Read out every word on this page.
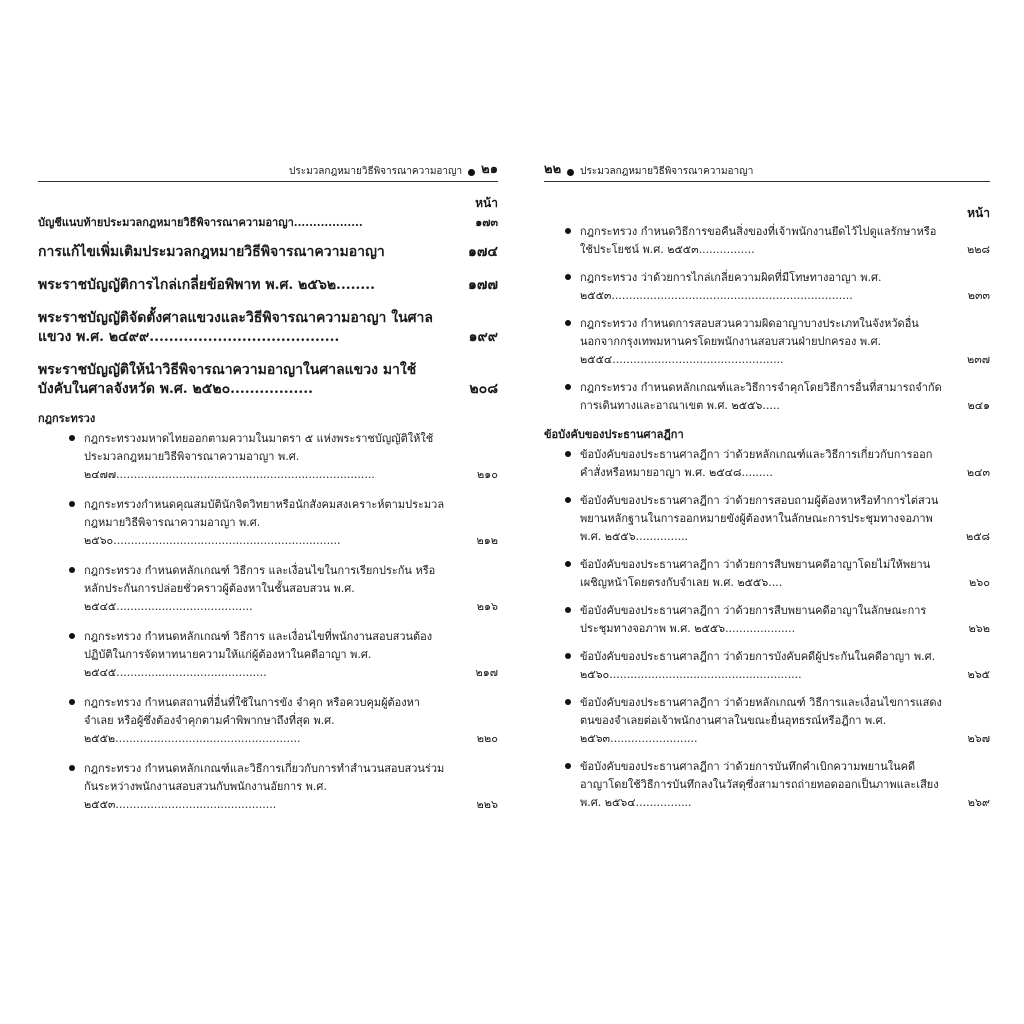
ประมวลกฎหมายวิธีพิจารณาความอาญา ๒๑
หน้า
บัญชีแนบท้ายประมวลกฎหมายวิธีพิจารณาความอาญา..................	๑๗๓
การแก้ไขเพิ่มเติมประมวลกฎหมายวิธีพิจารณาความอาญา	๑๗๔
พระราชบัญญัติการไกล่เกลี่ยข้อพิพาท พ.ศ. ๒๕๖๒........	๑๗๗
พระราชบัญญัติจัดตั้งศาลแขวงและวิธีพิจารณาความอาญา ในศาลแขวง พ.ศ. ๒๔๙๙.......................................	๑๙๙
พระราชบัญญัติให้นำวิธีพิจารณาความอาญาในศาลแขวง มาใช้บังคับในศาลจังหวัด พ.ศ. ๒๕๒๐.................	๒๐๘
กฎกระทรวง
กฎกระทรวงมหาดไทยออกตามความในมาตรา ๕ แห่งพระราชบัญญัติให้ใช้ประมวลกฎหมายวิธีพิจารณาความอาญา พ.ศ. ๒๔๗๗..........................................................................	๒๑๐
กฎกระทรวงกำหนดคุณสมบัตินักจิตวิทยาหรือนักสังคมสงเคราะห์ตามประมวลกฎหมายวิธีพิจารณาความอาญา พ.ศ. ๒๕๖๐.................................................................	๒๑๒
กฎกระทรวง กำหนดหลักเกณฑ์ วิธีการ และเงื่อนไขในการเรียกประกัน หรือหลักประกันการปล่อยชั่วคราวผู้ต้องหาในชั้นสอบสวน พ.ศ. ๒๕๔๕.......................................	๒๑๖
กฎกระทรวง กำหนดหลักเกณฑ์ วิธีการ และเงื่อนไขที่พนักงานสอบสวนต้องปฏิบัติในการจัดหาทนายความให้แก่ผู้ต้องหาในคดีอาญา พ.ศ. ๒๕๔๕...........................................	๒๑๗
กฎกระทรวง กำหนดสถานที่อื่นที่ใช้ในการขัง จำคุก หรือควบคุมผู้ต้องหา จำเลย หรือผู้ซึ่งต้องจำคุกตามคำพิพากษาถึงที่สุด พ.ศ. ๒๕๕๒.....................................................	๒๒๐
กฎกระทรวง กำหนดหลักเกณฑ์และวิธีการเกี่ยวกับการทำสำนวนสอบสวนร่วมกันระหว่างพนักงานสอบสวนกับพนักงานอัยการ พ.ศ. ๒๕๕๓..............................................	๒๒๖
๒๒ ประมวลกฎหมายวิธีพิจารณาความอาญา
หน้า
กฎกระทรวง กำหนดวิธีการขอคืนสิ่งของที่เจ้าพนักงานยึดไว้ไปดูแลรักษาหรือใช้ประโยชน์ พ.ศ. ๒๕๕๓................	๒๒๘
กฎกระทรวง ว่าด้วยการไกล่เกลี่ยความผิดที่มีโทษทางอาญา พ.ศ. ๒๕๕๓.....................................................................	๒๓๓
กฎกระทรวง กำหนดการสอบสวนความผิดอาญาบางประเภทในจังหวัดอื่นนอกจากกรุงเทพมหานครโดยพนักงานสอบสวนฝ่ายปกครอง พ.ศ. ๒๕๕๔.................................................	๒๓๗
กฎกระทรวง กำหนดหลักเกณฑ์และวิธีการจำคุกโดยวิธีการอื่นที่สามารถจำกัดการเดินทางและอาณาเขต พ.ศ. ๒๕๕๖.....	๒๔๑
ข้อบังคับของประธานศาลฎีกา
ข้อบังคับของประธานศาลฎีกา ว่าด้วยหลักเกณฑ์และวิธีการเกี่ยวกับการออกคำสั่งหรือหมายอาญา พ.ศ. ๒๕๔๘.........	๒๔๓
ข้อบังคับของประธานศาลฎีกา ว่าด้วยการสอบถามผู้ต้องหาหรือทำการไต่สวนพยานหลักฐานในการออกหมายขังผู้ต้องหาในลักษณะการประชุมทางจอภาพ พ.ศ. ๒๕๕๖...............	๒๕๘
ข้อบังคับของประธานศาลฎีกา ว่าด้วยการสืบพยานคดีอาญาโดยไม่ให้พยานเผชิญหน้าโดยตรงกับจำเลย พ.ศ. ๒๕๕๖....	๒๖๐
ข้อบังคับของประธานศาลฎีกา ว่าด้วยการสืบพยานคดีอาญาในลักษณะการประชุมทางจอภาพ พ.ศ. ๒๕๕๖....................	๒๖๒
ข้อบังคับของประธานศาลฎีกา ว่าด้วยการบังคับคดีผู้ประกันในคดีอาญา พ.ศ. ๒๕๖๐.......................................................	๒๖๕
ข้อบังคับของประธานศาลฎีกา ว่าด้วยหลักเกณฑ์ วิธีการและเงื่อนไขการแสดงตนของจำเลยต่อเจ้าพนักงานศาลในขณะยื่นอุทธรณ์หรือฎีกา พ.ศ. ๒๕๖๓.........................	๒๖๗
ข้อบังคับของประธานศาลฎีกา ว่าด้วยการบันทึกคำเบิกความพยานในคดีอาญาโดยใช้วิธีการบันทึกลงในวัสดุซึ่งสามารถถ่ายทอดออกเป็นภาพและเสียง พ.ศ. ๒๕๖๔................	๒๖๙
